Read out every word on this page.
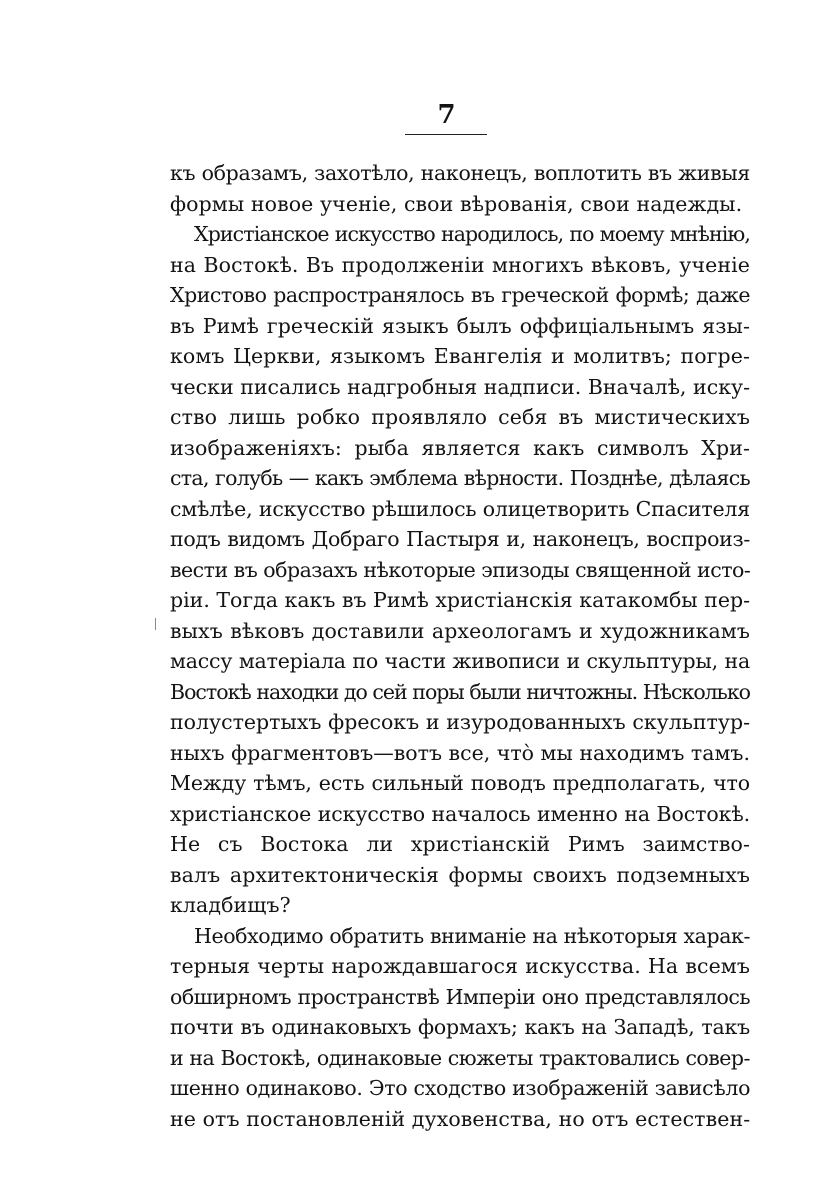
7
къ образамъ, захотѣло, наконецъ, воплотить въ живыя
формы новое ученіе, свои вѣрованія, свои надежды.
Христіанское искусство народилось, по моему мнѣнію,
на Востокѣ. Въ продолженіи многихъ вѣковъ, ученіе
Христово распространялось въ греческой формѣ; даже
въ Римѣ греческій языкъ былъ оффиціальнымъ язы-
комъ Церкви, языкомъ Евангелія и молитвъ; погре-
чески писались надгробныя надписи. Вначалѣ, иску-
ство лишь робко проявляло себя въ мистическихъ
изображеніяхъ: рыба является какъ символъ Хри-
ста, голубь — какъ эмблема вѣрности. Позднѣе, дѣлаясь
смѣлѣе, искусство рѣшилось олицетворить Спасителя
подъ видомъ Добраго Пастыря и, наконецъ, воспроиз-
вести въ образахъ нѣкоторые эпизоды священной исто-
ріи. Тогда какъ въ Римѣ христіанскія катакомбы пер-
выхъ вѣковъ доставили археологамъ и художникамъ
массу матеріала по части живописи и скульптуры, на
Востокѣ находки до сей поры были ничтожны. Нѣсколько
полустертыхъ фресокъ и изуродованныхъ скульптур-
ныхъ фрагментовъ—вотъ все, что̀ мы находимъ тамъ.
Между тѣмъ, есть сильный поводъ предполагать, что
христіанское искусство началось именно на Востокѣ.
Не съ Востока ли христіанскій Римъ заимство-
валъ архитектоническія формы своихъ подземныхъ
кладбищъ?
Необходимо обратить вниманіе на нѣкоторыя харак-
терныя черты нарождавшагося искусства. На всемъ
обширномъ пространствѣ Имперіи оно представлялось
почти въ одинаковыхъ формахъ; какъ на Западѣ, такъ
и на Востокѣ, одинаковые сюжеты трактовались совер-
шенно одинаково. Это сходство изображеній зависѣло
не отъ постановленій духовенства, но отъ естествен-
